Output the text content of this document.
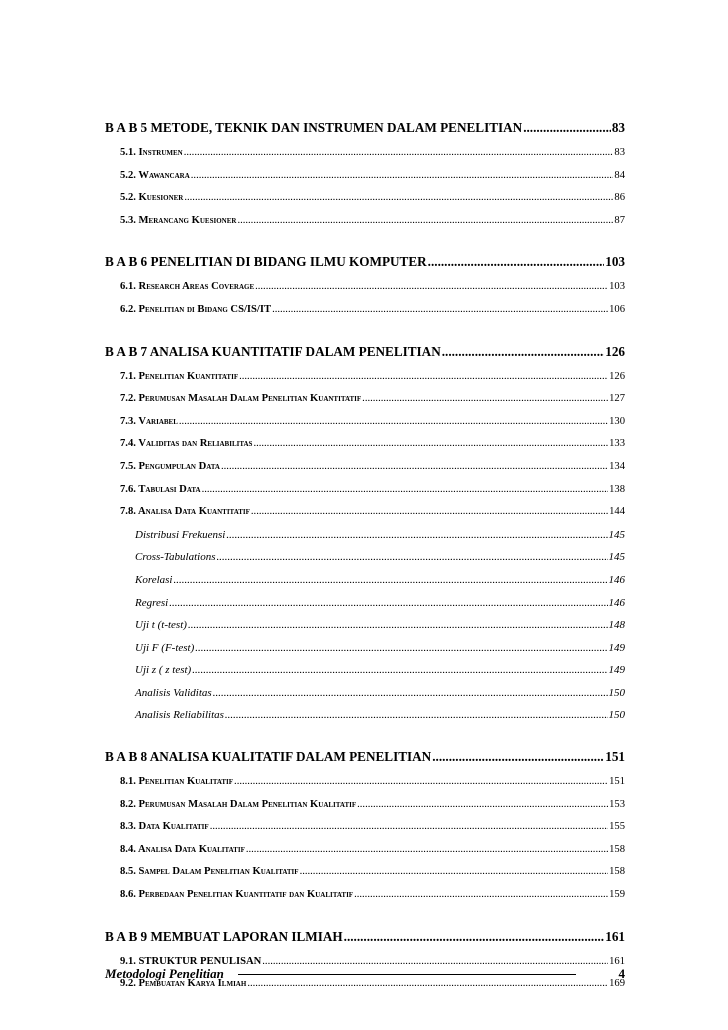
B A B 5 METODE, TEKNIK DAN INSTRUMEN DALAM PENELITIAN .....	83
5.1. Instrumen .....	83
5.2. Wawancara .....	84
5.2. Kuesioner .....	86
5.3. Merancang Kuesioner .....	87
B A B 6 PENELITIAN DI BIDANG ILMU KOMPUTER .....	103
6.1. Research Areas Coverage .....	103
6.2. Penelitian di Bidang CS/IS/IT .....	106
B A B 7 ANALISA KUANTITATIF DALAM PENELITIAN .....	126
7.1. Penelitian Kuantitatif .....	126
7.2. Perumusan Masalah Dalam Penelitian Kuantitatif .....	127
7.3. Variabel .....	130
7.4. Validitas dan Reliabilitas .....	133
7.5. Pengumpulan Data .....	134
7.6. Tabulasi Data .....	138
7.8. Analisa Data Kuantitatif .....	144
Distribusi Frekuensi .....	145
Cross-Tabulations .....	145
Korelasi .....	146
Regresi .....	146
Uji t (t-test) .....	148
Uji F (F-test) .....	149
Uji z ( z test) .....	149
Analisis Validitas .....	150
Analisis Reliabilitas .....	150
B A B 8 ANALISA KUALITATIF DALAM PENELITIAN .....	151
8.1. Penelitian Kualitatif .....	151
8.2. Perumusan Masalah Dalam Penelitian Kualitatif .....	153
8.3. Data Kualitatif .....	155
8.4. Analisa Data Kualitatif .....	158
8.5. Sampel Dalam Penelitian Kualitatif .....	158
8.6. Perbedaan Penelitian Kuantitatif dan Kualitatif .....	159
B A B 9 MEMBUAT LAPORAN ILMIAH .....	161
9.1. STRUKTUR PENULISAN .....	161
9.2. Pembuatan Karya Ilmiah .....	169
Metodologi Penelitian	4
